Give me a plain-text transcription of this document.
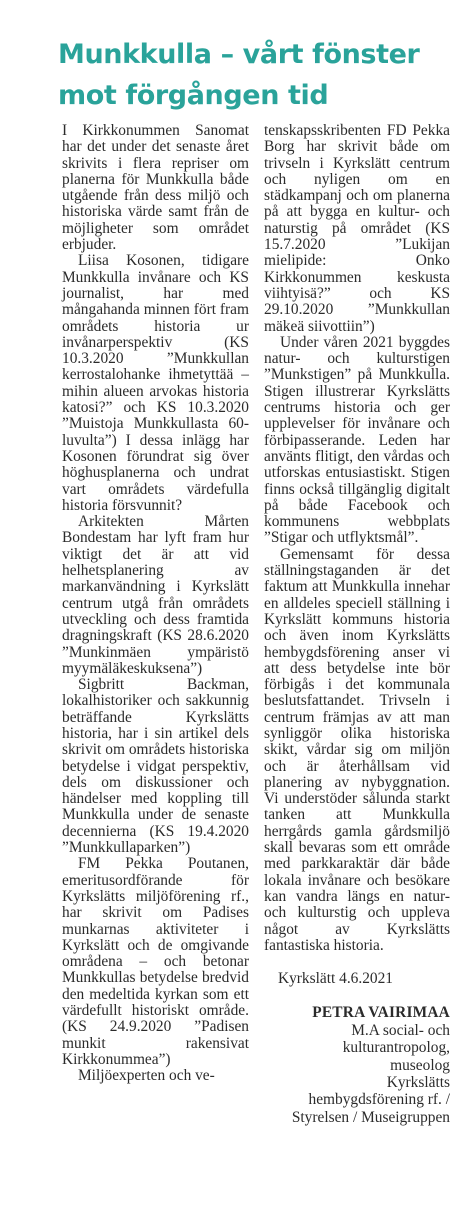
Munkkulla – vårt fönster
mot förgången tid

I Kirkkonummen Sanomat har det under det senaste året skrivits i flera repriser om planerna för Munkkulla både utgående från dess miljö och historiska värde samt från de möjligheter som området erbjuder.

Liisa Kosonen, tidigare Munkkulla invånare och KS journalist, har med mångahanda minnen fört fram områdets historia ur invånarperspektiv (KS 10.3.2020 ”Munkkullan kerrostalohanke ihmetyttää – mihin alueen arvokas historia katosi?” och KS 10.3.2020 ”Muistoja Munkkullasta 60-luvulta”) I dessa inlägg har Kosonen förundrat sig över höghusplanerna och undrat vart områdets värdefulla historia försvunnit?

Arkitekten Mårten Bondestam har lyft fram hur viktigt det är att vid helhetsplanering av markanvändning i Kyrkslätt centrum utgå från områdets utveckling och dess framtida dragningskraft (KS 28.6.2020 ”Munkinmäen ympäristö myymäläkeskuksena”)

Sigbritt Backman, lokalhistoriker och sakkunnig beträffande Kyrkslätts historia, har i sin artikel dels skrivit om områdets historiska betydelse i vidgat perspektiv, dels om diskussioner och händelser med koppling till Munkkulla under de senaste decennierna (KS 19.4.2020 ”Munkkullaparken”)

FM Pekka Poutanen, emeritusordförande för Kyrkslätts miljöförening rf., har skrivit om Padises munkarnas aktiviteter i Kyrkslätt och de omgivande områdena – och betonar Munkkullas betydelse bredvid den medeltida kyrkan som ett värdefullt historiskt område. (KS 24.9.2020 ”Padisen munkit rakensivat Kirkkonummea”)

Miljöexperten och ve-

tenskapsskribenten FD Pekka Borg har skrivit både om trivseln i Kyrkslätt centrum och nyligen om en städkampanj och om planerna på att bygga en kultur- och naturstig på området (KS 15.7.2020 ”Lukijan mielipide: Onko Kirkkonummen keskusta viihtyisä?” och KS 29.10.2020 ”Munkkullan mäkeä siivottiin”)

Under våren 2021 byggdes natur- och kulturstigen ”Munkstigen” på Munkkulla. Stigen illustrerar Kyrkslätts centrums historia och ger upplevelser för invånare och förbipasserande. Leden har använts flitigt, den vårdas och utforskas entusiastiskt. Stigen finns också tillgänglig digitalt på både Facebook och kommunens webbplats ”Stigar och utflyktsmål”.

Gemensamt för dessa ställningstaganden är det faktum att Munkkulla innehar en alldeles speciell ställning i Kyrkslätt kommuns historia och även inom Kyrkslätts hembygdsförening anser vi att dess betydelse inte bör förbigås i det kommunala beslutsfattandet. Trivseln i centrum främjas av att man synliggör olika historiska skikt, vårdar sig om miljön och är återhållsam vid planering av nybyggnation. Vi understöder sålunda starkt tanken att Munkkulla herrgårds gamla gårdsmiljö skall bevaras som ett område med parkkaraktär där både lokala invånare och besökare kan vandra längs en natur- och kulturstig och uppleva något av Kyrkslätts fantastiska historia.

Kyrkslätt 4.6.2021

PETRA VAIRIMAA
M.A social- och
kulturantropolog,
museolog
Kyrkslätts
hembygdsförening rf. /
Styrelsen / Museigruppen
